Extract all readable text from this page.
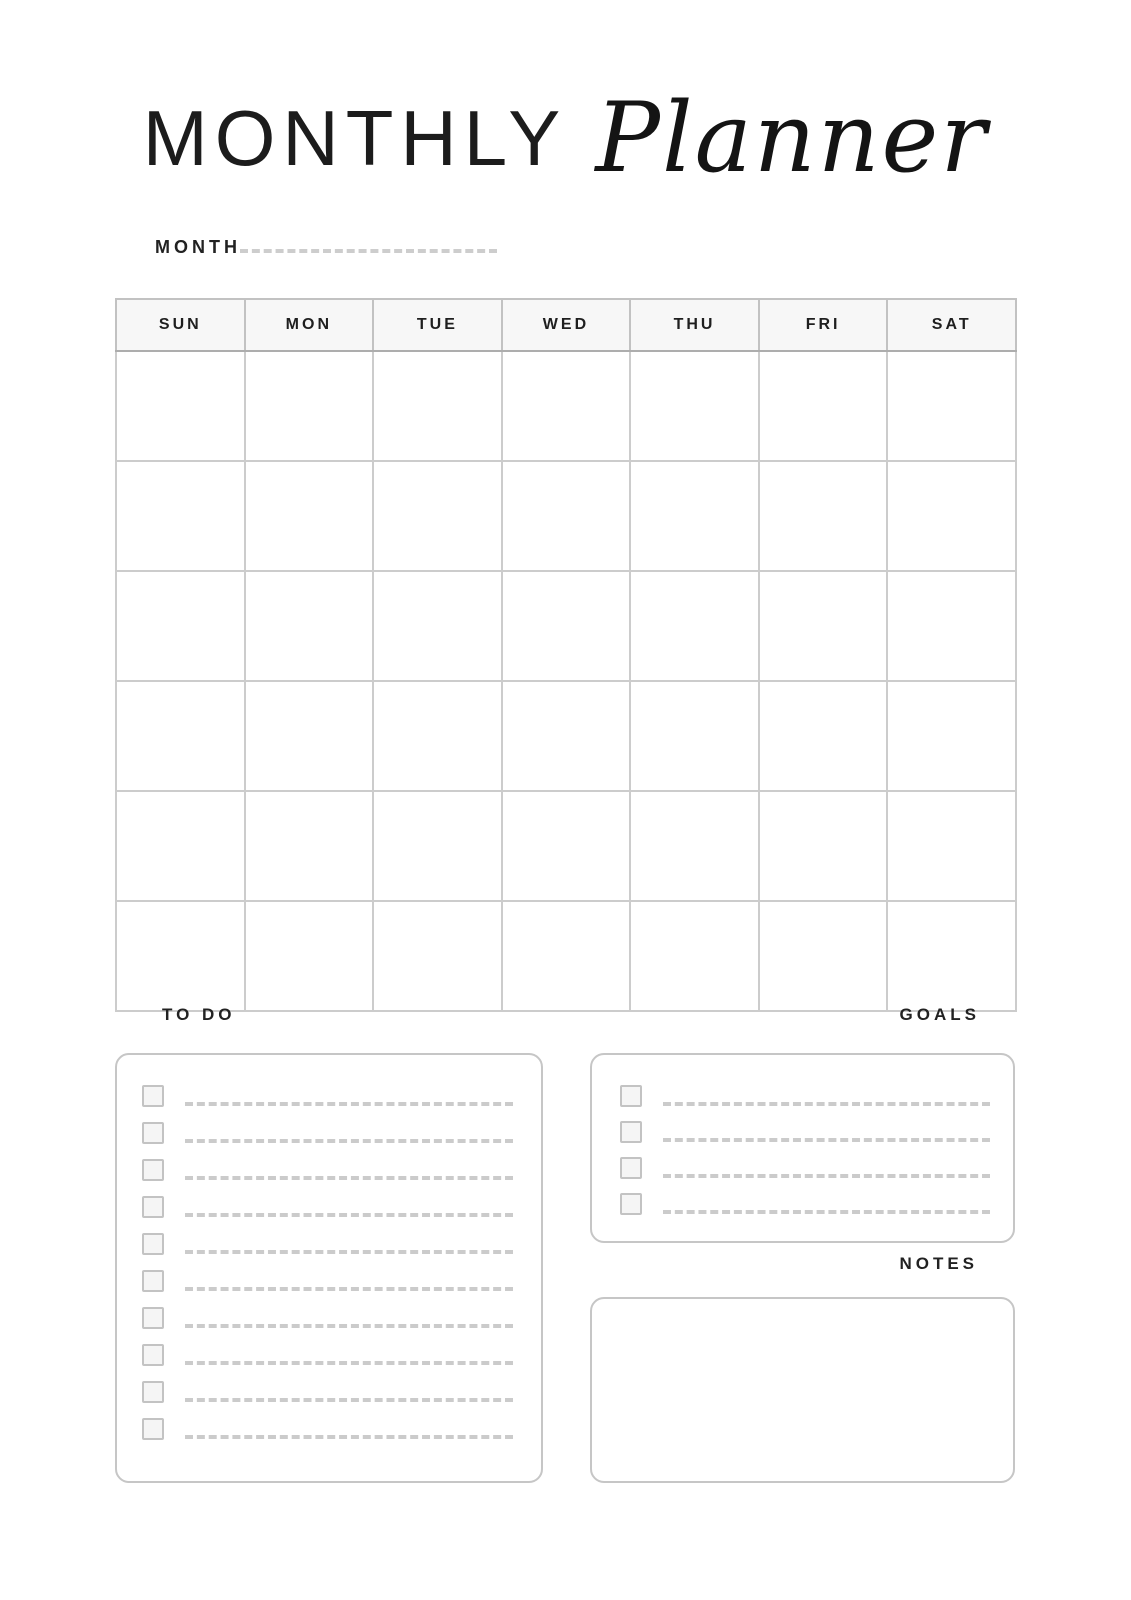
MONTHLY Planner
MONTH
SUN	MON	TUE	WED	THU	FRI	SAT

TO DO	GOALS
NOTES
